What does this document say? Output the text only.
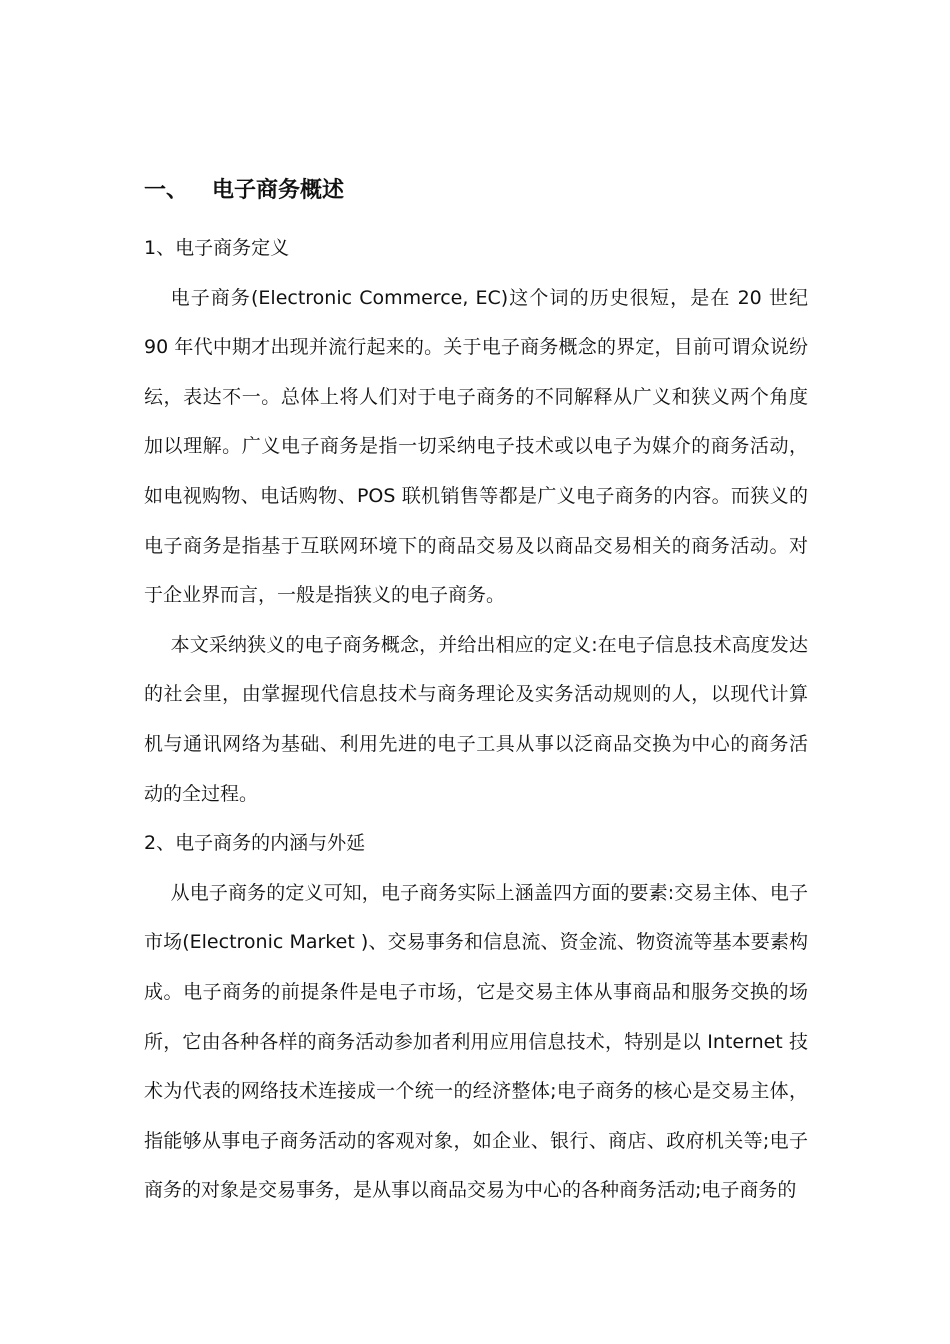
一、 电子商务概述

1、电子商务定义

电子商务(Electronic Commerce, EC)这个词的历史很短，是在 20 世纪 90 年代中期才出现并流行起来的。关于电子商务概念的界定，目前可谓众说纷纭，表达不一。总体上将人们对于电子商务的不同解释从广义和狭义两个角度加以理解。广义电子商务是指一切采纳电子技术或以电子为媒介的商务活动，如电视购物、电话购物、POS 联机销售等都是广义电子商务的内容。而狭义的电子商务是指基于互联网环境下的商品交易及以商品交易相关的商务活动。对于企业界而言，一般是指狭义的电子商务。

本文采纳狭义的电子商务概念，并给出相应的定义:在电子信息技术高度发达的社会里，由掌握现代信息技术与商务理论及实务活动规则的人，以现代计算机与通讯网络为基础、利用先进的电子工具从事以泛商品交换为中心的商务活动的全过程。

2、电子商务的内涵与外延

从电子商务的定义可知，电子商务实际上涵盖四方面的要素:交易主体、电子市场(Electronic Market )、交易事务和信息流、资金流、物资流等基本要素构成。电子商务的前提条件是电子市场，它是交易主体从事商品和服务交换的场所，它由各种各样的商务活动参加者利用应用信息技术，特别是以 Internet 技术为代表的网络技术连接成一个统一的经济整体;电子商务的核心是交易主体，指能够从事电子商务活动的客观对象，如企业、银行、商店、政府机关等;电子商务的对象是交易事务，是从事以商品交易为中心的各种商务活动;电子商务的
